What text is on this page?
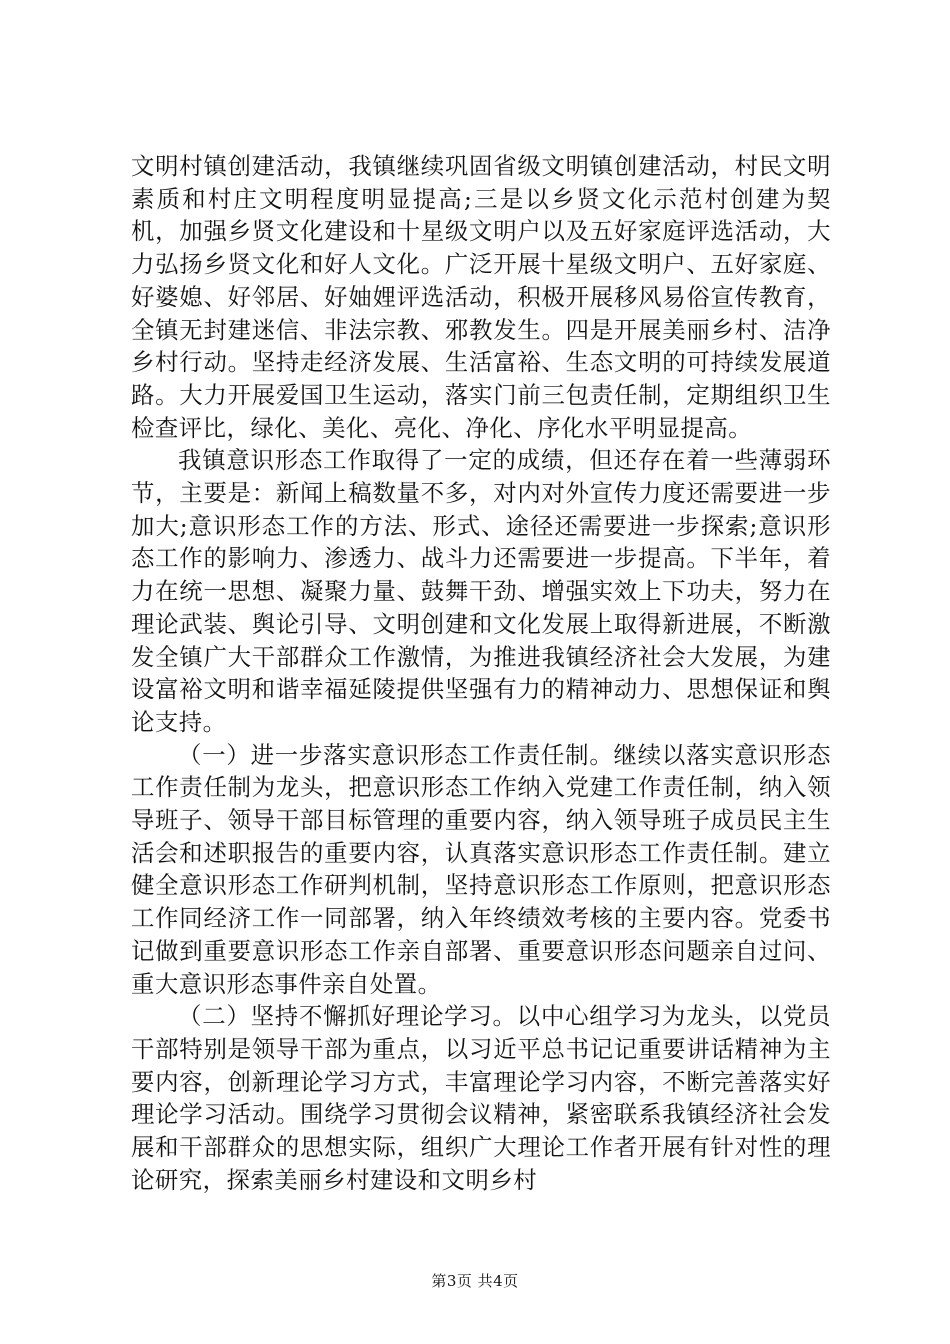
文明村镇创建活动，我镇继续巩固省级文明镇创建活动，村民文明素质和村庄文明程度明显提高;三是以乡贤文化示范村创建为契机，加强乡贤文化建设和十星级文明户以及五好家庭评选活动，大力弘扬乡贤文化和好人文化。广泛开展十星级文明户、五好家庭、好婆媳、好邻居、好妯娌评选活动，积极开展移风易俗宣传教育，全镇无封建迷信、非法宗教、邪教发生。四是开展美丽乡村、洁净乡村行动。坚持走经济发展、生活富裕、生态文明的可持续发展道路。大力开展爱国卫生运动，落实门前三包责任制，定期组织卫生检查评比，绿化、美化、亮化、净化、序化水平明显提高。

我镇意识形态工作取得了一定的成绩，但还存在着一些薄弱环节，主要是：新闻上稿数量不多，对内对外宣传力度还需要进一步加大;意识形态工作的方法、形式、途径还需要进一步探索;意识形态工作的影响力、渗透力、战斗力还需要进一步提高。下半年，着力在统一思想、凝聚力量、鼓舞干劲、增强实效上下功夫，努力在理论武装、舆论引导、文明创建和文化发展上取得新进展，不断激发全镇广大干部群众工作激情，为推进我镇经济社会大发展，为建设富裕文明和谐幸福延陵提供坚强有力的精神动力、思想保证和舆论支持。

（一）进一步落实意识形态工作责任制。继续以落实意识形态工作责任制为龙头，把意识形态工作纳入党建工作责任制，纳入领导班子、领导干部目标管理的重要内容，纳入领导班子成员民主生活会和述职报告的重要内容，认真落实意识形态工作责任制。建立健全意识形态工作研判机制，坚持意识形态工作原则，把意识形态工作同经济工作一同部署，纳入年终绩效考核的主要内容。党委书记做到重要意识形态工作亲自部署、重要意识形态问题亲自过问、重大意识形态事件亲自处置。

（二）坚持不懈抓好理论学习。以中心组学习为龙头，以党员干部特别是领导干部为重点，以习近平总书记记重要讲话精神为主要内容，创新理论学习方式，丰富理论学习内容，不断完善落实好理论学习活动。围绕学习贯彻会议精神，紧密联系我镇经济社会发展和干部群众的思想实际，组织广大理论工作者开展有针对性的理论研究，探索美丽乡村建设和文明乡村

第3页 共4页
